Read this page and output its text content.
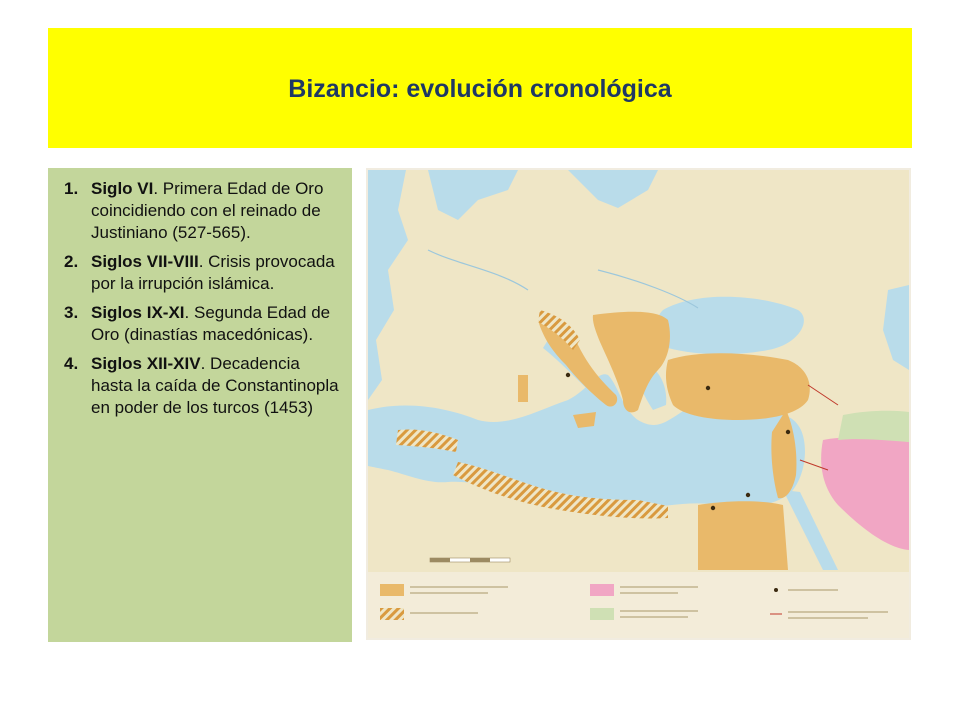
Bizancio: evolución cronológica
1. Siglo VI. Primera Edad de Oro coincidiendo con el reinado de Justiniano (527-565).
2. Siglos VII-VIII. Crisis provocada por la irrupción islámica.
3. Siglos IX-XI. Segunda Edad de Oro (dinastías macedónicas).
4. Siglos XII-XIV. Decadencia hasta la caída de Constantinopla en poder de los turcos (1453)
